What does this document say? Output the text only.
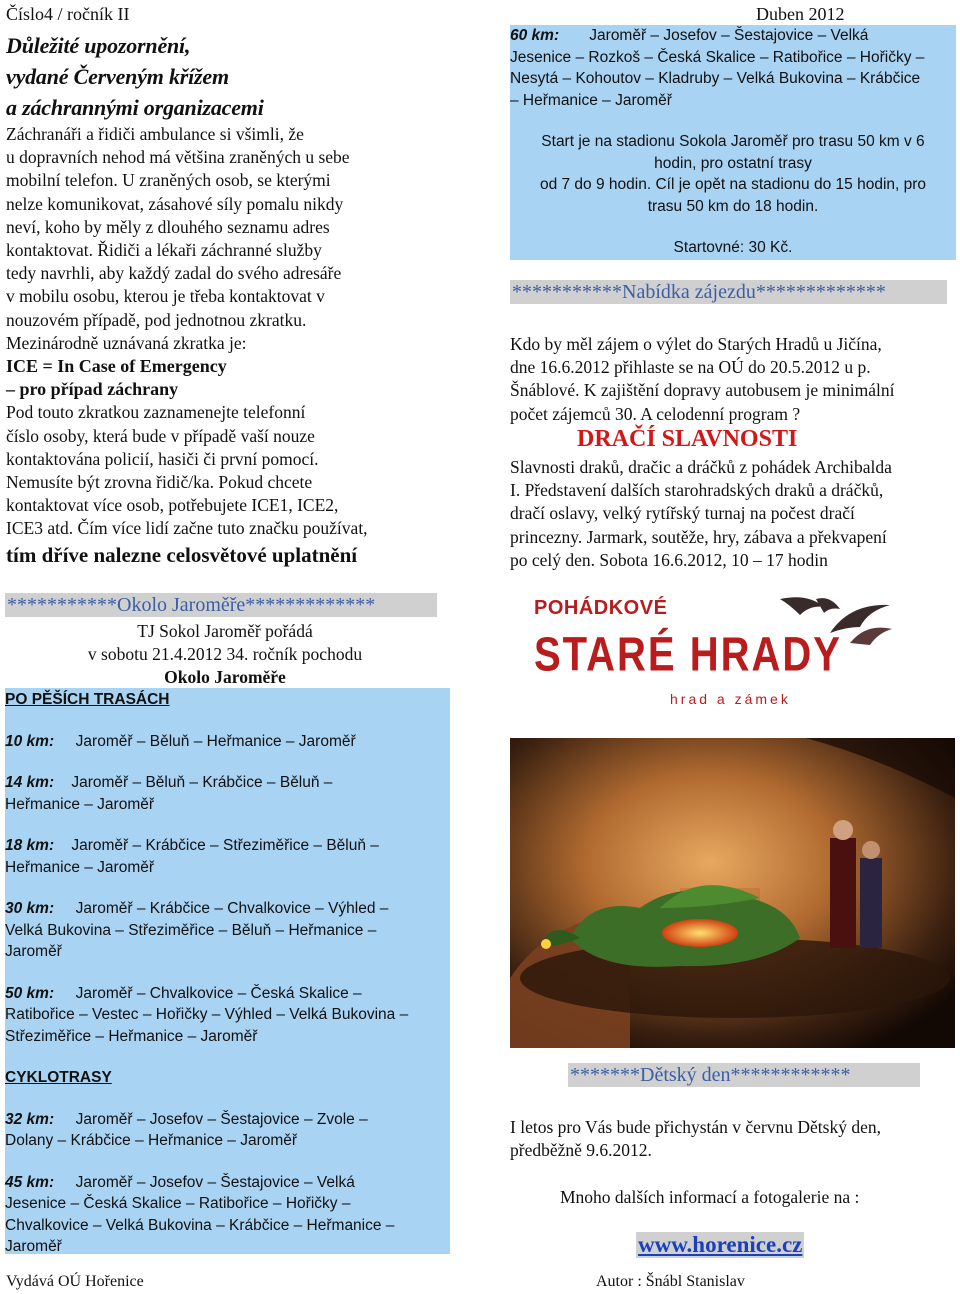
Číslo4 / ročník II	Duben 2012
Důležité upozornění,
vydané Červeným křížem
a záchrannými organizacemi
Záchranáři a řidiči ambulance si všimli, že
u dopravních nehod má většina zraněných u sebe
mobilní telefon. U zraněných osob, se kterými
nelze komunikovat, zásahové síly pomalu nikdy
neví, koho by měly z dlouhého seznamu adres
kontaktovat. Řidiči a lékaři záchranné služby
tedy navrhli, aby každý zadal do svého adresáře
v mobilu osobu, kterou je třeba kontaktovat v
nouzovém případě, pod jednotnou zkratku.
Mezinárodně uznávaná zkratka je:
ICE = In Case of Emergency
– pro případ záchrany
Pod touto zkratkou zaznamenejte telefonní
číslo osoby, která bude v případě vaší nouze
kontaktována policií, hasiči či první pomocí.
Nemusíte být zrovna řidič/ka. Pokud chcete
kontaktovat více osob, potřebujete ICE1, ICE2,
ICE3 atd. Čím více lidí začne tuto značku používat,
tím dříve nalezne celosvětové uplatnění
***********Okolo Jaroměře*************
TJ Sokol Jaroměř pořádá
v sobotu 21.4.2012 34. ročník pochodu
Okolo Jaroměře
PO PĚŠÍCH TRASÁCH
10 km: Jaroměř – Běluň – Heřmanice – Jaroměř
14 km: Jaroměř – Běluň – Krábčice – Běluň –
Heřmanice – Jaroměř
18 km: Jaroměř – Krábčice – Střeziměřice – Běluň –
Heřmanice – Jaroměř
30 km: Jaroměř – Krábčice – Chvalkovice – Výhled –
Velká Bukovina – Střeziměřice – Běluň – Heřmanice –
Jaroměř
50 km: Jaroměř – Chvalkovice – Česká Skalice –
Ratibořice – Vestec – Hořičky – Výhled – Velká Bukovina –
Střeziměřice – Heřmanice – Jaroměř
CYKLOTRASY
32 km: Jaroměř – Josefov – Šestajovice – Zvole –
Dolany – Krábčice – Heřmanice – Jaroměř
45 km: Jaroměř – Josefov – Šestajovice – Velká
Jesenice – Česká Skalice – Ratibořice – Hořičky –
Chvalkovice – Velká Bukovina – Krábčice – Heřmanice –
Jaroměř
60 km: Jaroměř – Josefov – Šestajovice – Velká
Jesenice – Rozkoš – Česká Skalice – Ratibořice – Hořičky –
Nesytá – Kohoutov – Kladruby – Velká Bukovina – Krábčice
– Heřmanice – Jaroměř
Start je na stadionu Sokola Jaroměř pro trasu 50 km v 6
hodin, pro ostatní trasy
od 7 do 9 hodin. Cíl je opět na stadionu do 15 hodin, pro
trasu 50 km do 18 hodin.
Startovné: 30 Kč.
***********Nabídka zájezdu*************
Kdo by měl zájem o výlet do Starých Hradů u Jičína,
dne 16.6.2012 přihlaste se na OÚ do 20.5.2012 u p.
Šnáblové. K zajištění dopravy autobusem je minimální
počet zájemců 30. A celodenní program ?
DRAČÍ SLAVNOSTI
Slavnosti draků, dračic a dráčků z pohádek Archibalda
I. Představení dalších starohradských draků a dráčků,
dračí oslavy, velký rytířský turnaj na počest dračí
princezny. Jarmark, soutěže, hry, zábava a překvapení
po celý den. Sobota 16.6.2012, 10 – 17 hodin
POHÁDKOVÉ
STARÉ HRADY
hrad a zámek
*******Dětský den************
I letos pro Vás bude přichystán v červnu Dětský den,
předběžně 9.6.2012.
Mnoho dalších informací a fotogalerie na :
www.horenice.cz
Vydává OÚ Hořenice	Autor : Šnábl Stanislav
